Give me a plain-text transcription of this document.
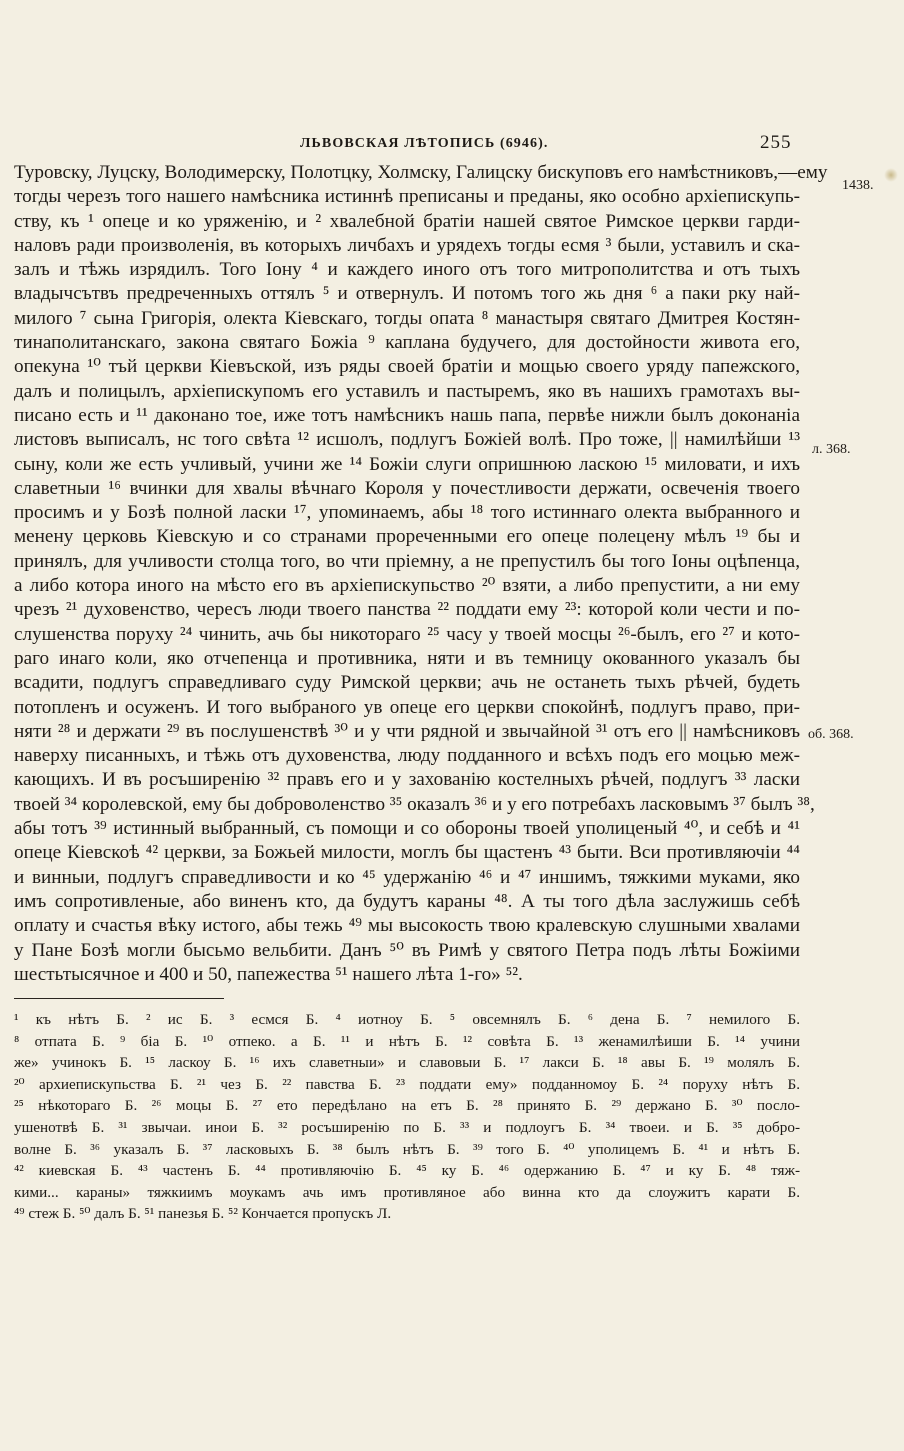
ЛЬВОВСКАЯ ЛѢТОПИСЬ (6946).	255
1438.
л. 368.
об. 368.
Туровску, Луцску, Володимерску, Полотцку, Холмску, Галицску бискуповъ его намѣстниковъ,—ему
тогды черезъ того нашего намѣсника истиннѣ преписаны и преданы, яко особно архіепискупь-
ству, къ ¹ опеце и ко уряженію, и ² хвалебной братіи нашей святое Римское церкви гарди-
наловъ ради произволенія, въ которыхъ личбахъ и урядехъ тогды есмя ³ были, уставилъ и ска-
залъ и тѣжь изрядилъ. Того Іону ⁴ и каждего иного отъ того митрополитства и отъ тыхъ
владычсътвъ предреченныхъ оттялъ ⁵ и отвернулъ. И потомъ того жь дня ⁶ а паки рку най-
милого ⁷ сына Григорія, олекта Кіевскаго, тогды опата ⁸ манастыря святаго Дмитрея Костян-
тинаполитанскаго, закона святаго Божіа ⁹ каплана будучего, для достойности живота его,
опекуна ¹⁰ тъй церкви Кіевъской, изъ ряды своей братіи и мощью своего уряду папежского,
далъ и полицылъ, архіепискупомъ его уставилъ и пастыремъ, яко въ нашихъ грамотахъ вы-
писано есть и ¹¹ даконано тое, иже тотъ намѣсникъ нашь папа, первѣе нижли былъ доконаніа
листовъ выписалъ, нс того свѣта ¹² исшолъ, подлугъ Божіей волѣ. Про тоже, || намилѣйши ¹³
сыну, коли же есть учливый, учини же ¹⁴ Божіи слуги опришнюю ласкою ¹⁵ миловати, и ихъ
славетныи ¹⁶ вчинки для хвалы вѣчнаго Короля у почестливости держати, освеченія твоего
просимъ и у Бозѣ полной ласки ¹⁷, упоминаемъ, абы ¹⁸ того истиннаго олекта выбранного и
менену церковь Кіевскую и со странами прореченными его опеце полецену мѣлъ ¹⁹ бы и
принялъ, для учливости столца того, во чти пріемну, а не препустилъ бы того Іоны оцѣпенца,
а либо котора иного на мѣсто его въ архіепискупьство ²⁰ взяти, а либо препустити, а ни ему
чрезъ ²¹ духовенство, чересъ люди твоего панства ²² поддати ему ²³: которой коли чести и по-
слушенства поруху ²⁴ чинить, ачь бы никотораго ²⁵ часу у твоей мосцы ²⁶-былъ, его ²⁷ и кото-
раго инаго коли, яко отчепенца и противника, няти и въ темницу окованного указалъ бы
всадити, подлугъ справедливаго суду Римской церкви; ачь не останеть тыхъ рѣчей, будеть
потопленъ и осуженъ. И того выбраного ув опеце его церкви спокойнѣ, подлугъ право, при-
няти ²⁸ и держати ²⁹ въ послушенствѣ ³⁰ и у чти рядной и звычайной ³¹ отъ его || намѣсниковъ
наверху писанныхъ, и тѣжь отъ духовенства, люду подданного и всѣхъ подъ его моцью меж-
кающихъ. И въ росъширенію ³² правъ его и у захованію костелныхъ рѣчей, подлугъ ³³ ласки
твоей ³⁴ королевской, ему бы доброволенство ³⁵ оказалъ ³⁶ и у его потребахъ ласковымъ ³⁷ былъ ³⁸,
абы тотъ ³⁹ истинный выбранный, съ помощи и со обороны твоей уполиценый ⁴⁰, и себѣ и ⁴¹
опеце Кіевскоѣ ⁴² церкви, за Божьей милости, моглъ бы щастенъ ⁴³ быти. Вси противляючіи ⁴⁴
и винныи, подлугъ справедливости и ко ⁴⁵ удержанію ⁴⁶ и ⁴⁷ иншимъ, тяжкими муками, яко
имъ сопротивленые, або виненъ кто, да будутъ караны ⁴⁸. А ты того дѣла заслужишь себѣ
оплату и счастья вѣку истого, абы тежь ⁴⁹ мы высокость твою кралевскую слушными хвалами
у Пане Бозѣ могли бысьмо вельбити. Данъ ⁵⁰ въ Римѣ у святого Петра подъ лѣты Божіими
шестьтысячное и 400 и 50, папежества ⁵¹ нашего лѣта 1-го» ⁵².
¹ къ нѣтъ Б. ² ис Б. ³ есмся Б. ⁴ иотноу Б. ⁵ овсемнялъ Б. ⁶ дена Б. ⁷ немилого Б.
⁸ отпата Б. ⁹ біа Б. ¹⁰ отпеко. а Б. ¹¹ и нѣтъ Б. ¹² совѣта Б. ¹³ женамилѣиши Б. ¹⁴ учини
же» учинокъ Б. ¹⁵ ласкоу Б. ¹⁶ ихъ славетныи» и славовыи Б. ¹⁷ лакси Б. ¹⁸ авы Б. ¹⁹ молялъ Б.
²⁰ архиепискупьства Б. ²¹ чез Б. ²² павства Б. ²³ поддати ему» подданномоу Б. ²⁴ поруху нѣтъ Б.
²⁵ нѣкотораго Б. ²⁶ моцы Б. ²⁷ ето передѣлано на етъ Б. ²⁸ принято Б. ²⁹ держано Б. ³⁰ посло-
ушенотвѣ Б. ³¹ звычаи. инои Б. ³² росъширенію по Б. ³³ и подлоугъ Б. ³⁴ твоеи. и Б. ³⁵ добро-
волне Б. ³⁶ указалъ Б. ³⁷ ласковыхъ Б. ³⁸ былъ нѣтъ Б. ³⁹ того Б. ⁴⁰ уполицемъ Б. ⁴¹ и нѣтъ Б.
⁴² киевская Б. ⁴³ частенъ Б. ⁴⁴ противляючію Б. ⁴⁵ ку Б. ⁴⁶ одержанию Б. ⁴⁷ и ку Б. ⁴⁸ тяж-
кими... караны» тяжкиимъ моукамъ ачь имъ противляное або винна кто да слоужитъ карати Б.
⁴⁹ стеж Б. ⁵⁰ далъ Б. ⁵¹ панезья Б. ⁵² Кончается пропускъ Л.
